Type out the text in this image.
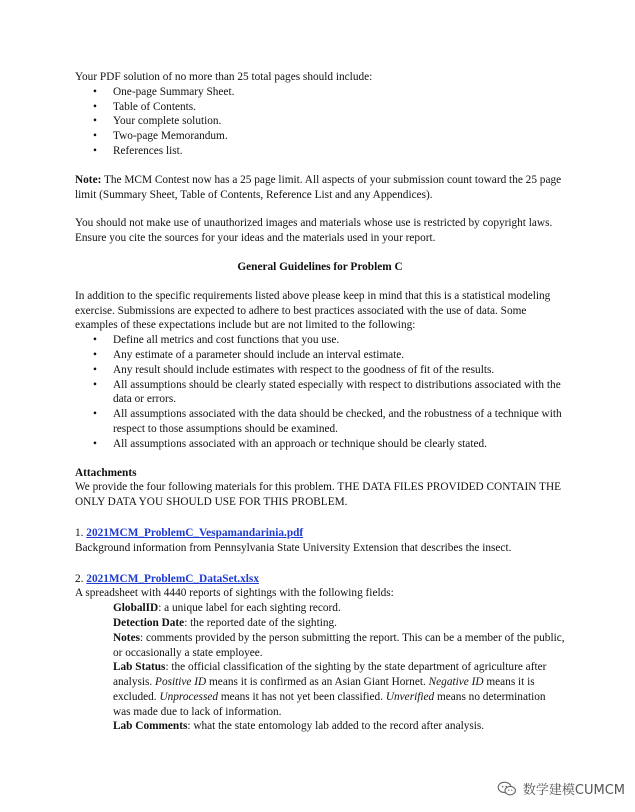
Your PDF solution of no more than 25 total pages should include:

• One-page Summary Sheet.
• Table of Contents.
• Your complete solution.
• Two-page Memorandum.
• References list.

Note: The MCM Contest now has a 25 page limit. All aspects of your submission count toward the 25 page limit (Summary Sheet, Table of Contents, Reference List and any Appendices).

You should not make use of unauthorized images and materials whose use is restricted by copyright laws. Ensure you cite the sources for your ideas and the materials used in your report.

General Guidelines for Problem C

In addition to the specific requirements listed above please keep in mind that this is a statistical modeling exercise. Submissions are expected to adhere to best practices associated with the use of data. Some examples of these expectations include but are not limited to the following:

• Define all metrics and cost functions that you use.
• Any estimate of a parameter should include an interval estimate.
• Any result should include estimates with respect to the goodness of fit of the results.
• All assumptions should be clearly stated especially with respect to distributions associated with the data or errors.
• All assumptions associated with the data should be checked, and the robustness of a technique with respect to those assumptions should be examined.
• All assumptions associated with an approach or technique should be clearly stated.

Attachments

We provide the four following materials for this problem. THE DATA FILES PROVIDED CONTAIN THE ONLY DATA YOU SHOULD USE FOR THIS PROBLEM.

1. 2021MCM_ProblemC_Vespamandarinia.pdf

Background information from Pennsylvania State University Extension that describes the insect.

2. 2021MCM_ProblemC_DataSet.xlsx

A spreadsheet with 4440 reports of sightings with the following fields:

GlobalID: a unique label for each sighting record.

Detection Date: the reported date of the sighting.

Notes: comments provided by the person submitting the report. This can be a member of the public, or occasionally a state employee.

Lab Status: the official classification of the sighting by the state department of agriculture after analysis. Positive ID means it is confirmed as an Asian Giant Hornet. Negative ID means it is excluded. Unprocessed means it has not yet been classified. Unverified means no determination was made due to lack of information.

Lab Comments: what the state entomology lab added to the record after analysis.

数学建模CUMCM
